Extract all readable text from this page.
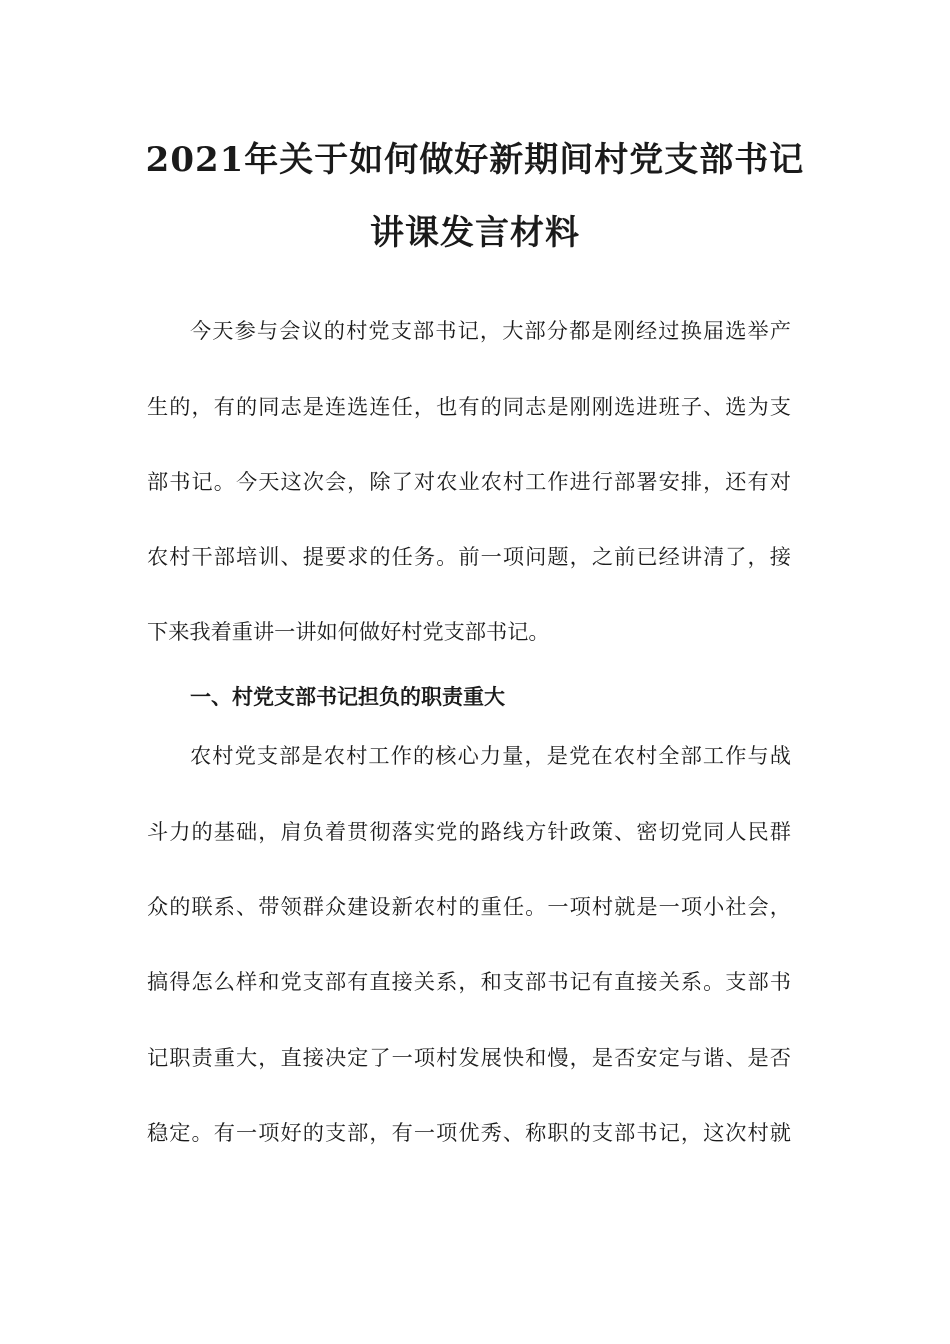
2021年关于如何做好新期间村党支部书记
讲课发言材料
今天参与会议的村党支部书记，大部分都是刚经过换届选举产
生的，有的同志是连选连任，也有的同志是刚刚选进班子、选为支
部书记。今天这次会，除了对农业农村工作进行部署安排，还有对
农村干部培训、提要求的任务。前一项问题，之前已经讲清了，接
下来我着重讲一讲如何做好村党支部书记。
一、村党支部书记担负的职责重大
农村党支部是农村工作的核心力量，是党在农村全部工作与战
斗力的基础，肩负着贯彻落实党的路线方针政策、密切党同人民群
众的联系、带领群众建设新农村的重任。一项村就是一项小社会，
搞得怎么样和党支部有直接关系，和支部书记有直接关系。支部书
记职责重大，直接决定了一项村发展快和慢，是否安定与谐、是否
稳定。有一项好的支部，有一项优秀、称职的支部书记，这次村就
